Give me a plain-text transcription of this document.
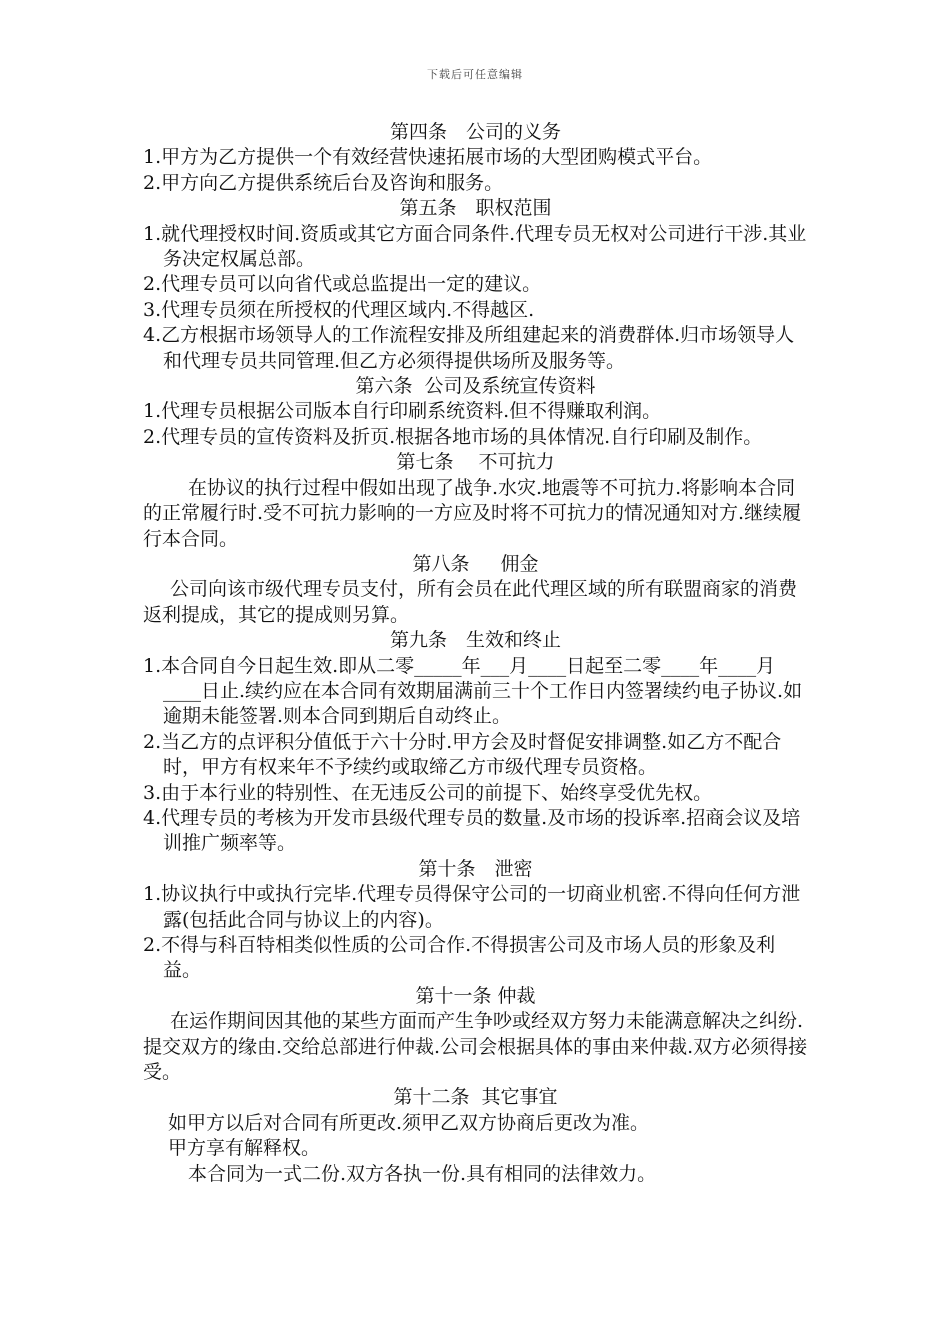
下载后可任意编辑
第四条　公司的义务
1.甲方为乙方提供一个有效经营快速拓展市场的大型团购模式平台。
2.甲方向乙方提供系统后台及咨询和服务。
第五条　职权范围
1.就代理授权时间.资质或其它方面合同条件.代理专员无权对公司进行干涉.其业务决定权属总部。
2.代理专员可以向省代或总监提出一定的建议。
3.代理专员须在所授权的代理区域内.不得越区.
4.乙方根据市场领导人的工作流程安排及所组建起来的消费群体.归市场领导人和代理专员共同管理.但乙方必须得提供场所及服务等。
第六条  公司及系统宣传资料
1.代理专员根据公司版本自行印刷系统资料.但不得赚取利润。
2.代理专员的宣传资料及折页.根据各地市场的具体情况.自行印刷及制作。
第七条　 不可抗力
在协议的执行过程中假如出现了战争.水灾.地震等不可抗力.将影响本合同的正常履行时.受不可抗力影响的一方应及时将不可抗力的情况通知对方.继续履行本合同。
第八条　  佣金
公司向该市级代理专员支付，所有会员在此代理区域的所有联盟商家的消费返利提成，其它的提成则另算。
第九条　生效和终止
1.本合同自今日起生效.即从二零_____年___月____日起至二零____年____月____日止.续约应在本合同有效期届满前三十个工作日内签署续约电子协议.如逾期未能签署.则本合同到期后自动终止。
2.当乙方的点评积分值低于六十分时.甲方会及时督促安排调整.如乙方不配合时，甲方有权来年不予续约或取缔乙方市级代理专员资格。
3.由于本行业的特别性、在无违反公司的前提下、始终享受优先权。
4.代理专员的考核为开发市县级代理专员的数量.及市场的投诉率.招商会议及培训推广频率等。
第十条　泄密
1.协议执行中或执行完毕.代理专员得保守公司的一切商业机密.不得向任何方泄露(包括此合同与协议上的内容)。
2.不得与科百特相类似性质的公司合作.不得损害公司及市场人员的形象及利益。
第十一条 仲裁
在运作期间因其他的某些方面而产生争吵或经双方努力未能满意解决之纠纷.提交双方的缘由.交给总部进行仲裁.公司会根据具体的事由来仲裁.双方必须得接受。
第十二条  其它事宜
如甲方以后对合同有所更改.须甲乙双方协商后更改为准。
甲方享有解释权。
本合同为一式二份.双方各执一份.具有相同的法律效力。
